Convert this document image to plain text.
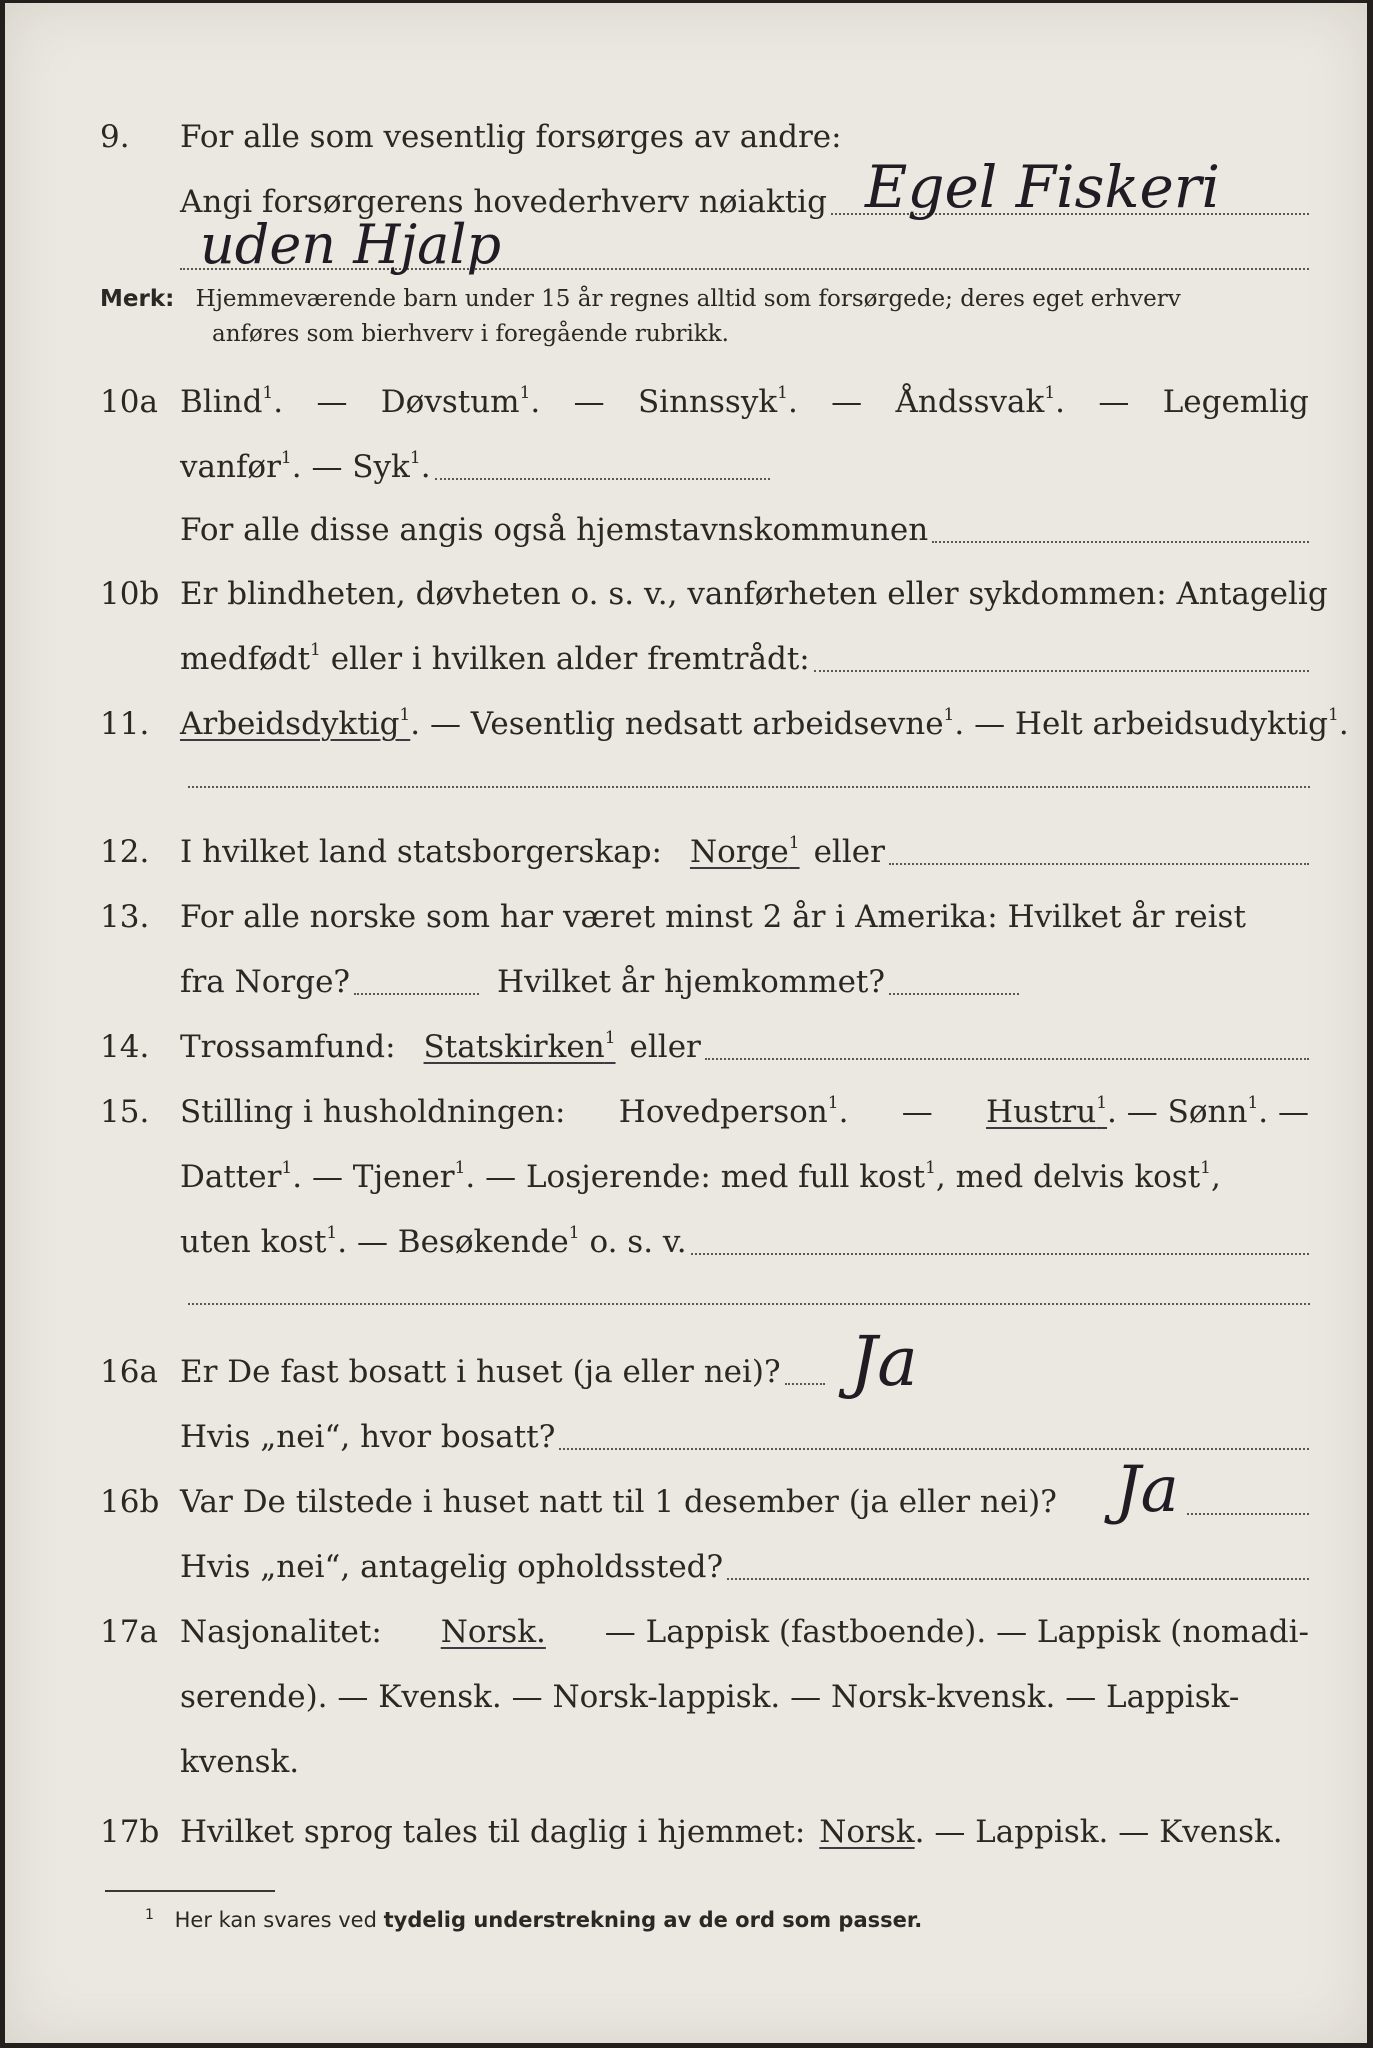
9. For alle som vesentlig forsørges av andre:
Angi forsørgerens hovederhverv nøiaktig Egel Fiskeri
uden Hjalp
Merk: Hjemmeværende barn under 15 år regnes alltid som forsørgede; deres eget erhverv
anføres som bierhverv i foregående rubrikk.
10a Blind$^1$. — Døvstum$^1$. — Sinnssyk$^1$. — Åndssvak$^1$. — Legemlig
vanfør$^1$. — Syk$^1$.
For alle disse angis også hjemstavnskommunen
10b Er blindheten, døvheten o. s. v., vanførheten eller sykdommen: Antagelig
medfødt$^1$ eller i hvilken alder fremtrådt:
11. Arbeidsdyktig$^1$ . — Vesentlig nedsatt arbeidsevne$^1$. — Helt arbeidsudyktig$^1$.
12. I hvilket land statsborgerskap: Norge$^1$ eller
13. For alle norske som har været minst 2 år i Amerika: Hvilket år reist
fra Norge?	Hvilket år hjemkommet?
14. Trossamfund: Statskirken$^1$ eller
15. Stilling i husholdningen: Hovedperson$^1$. — Hustru$^1$. — Sønn$^1$. —
Datter$^1$. — Tjener$^1$. — Losjerende: med full kost$^1$, med delvis kost$^1$,
uten kost$^1$. — Besøkende$^1$ o. s. v.
16a Er De fast bosatt i huset (ja eller nei)? Ja
Hvis „nei“, hvor bosatt?
16b Var De tilstede i huset natt til 1 desember (ja eller nei)? Ja
Hvis „nei“, antagelig opholdssted?
17a Nasjonalitet: Norsk. — Lappisk (fastboende). — Lappisk (nomadi-
serende). — Kvensk. — Norsk-lappisk. — Norsk-kvensk. — Lappisk-
kvensk.
17b Hvilket sprog tales til daglig i hjemmet: Norsk . — Lappisk. — Kvensk.
$^1$ Her kan svares ved tydelig understrekning av de ord som passer.
